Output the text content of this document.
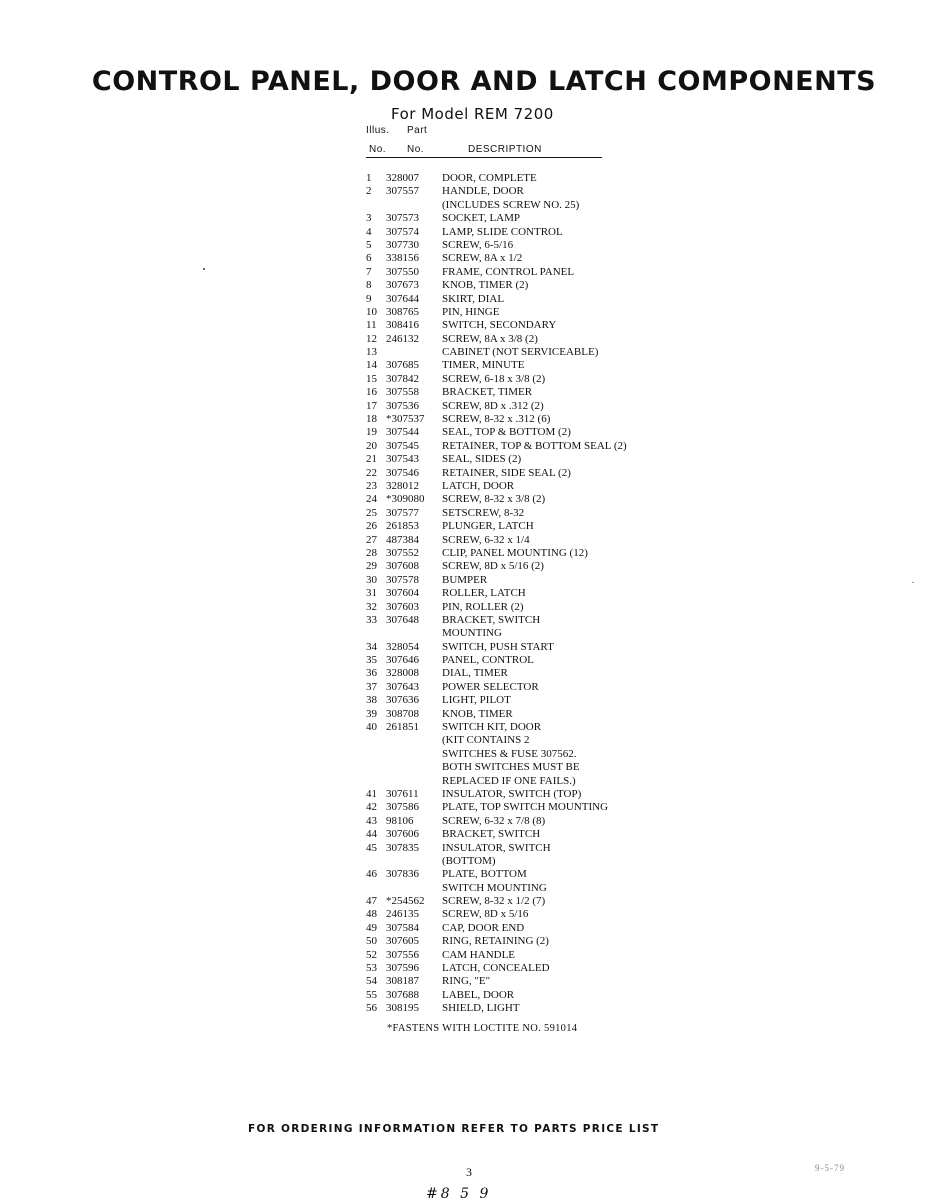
CONTROL PANEL, DOOR AND LATCH COMPONENTS
For Model REM 7200
Illus. Part
No. No.	DESCRIPTION
1 328007 DOOR, COMPLETE
2 307557 HANDLE, DOOR
(INCLUDES SCREW NO. 25)
3 307573 SOCKET, LAMP
4 307574 LAMP, SLIDE CONTROL
5 307730 SCREW, 6-5/16
6 338156 SCREW, 8A x 1/2
7 307550 FRAME, CONTROL PANEL
8 307673 KNOB, TIMER (2)
9 307644 SKIRT, DIAL
10 308765 PIN, HINGE
11 308416 SWITCH, SECONDARY
12 246132 SCREW, 8A x 3/8 (2)
13	CABINET (NOT SERVICEABLE)
14 307685 TIMER, MINUTE
15 307842 SCREW, 6-18 x 3/8 (2)
16 307558 BRACKET, TIMER
17 307536 SCREW, 8D x .312 (2)
18 *307537 SCREW, 8-32 x .312 (6)
19 307544 SEAL, TOP & BOTTOM (2)
20 307545 RETAINER, TOP & BOTTOM SEAL (2)
21 307543 SEAL, SIDES (2)
22 307546 RETAINER, SIDE SEAL (2)
23 328012 LATCH, DOOR
24 *309080 SCREW, 8-32 x 3/8 (2)
25 307577 SETSCREW, 8-32
26 261853 PLUNGER, LATCH
27 487384 SCREW, 6-32 x 1/4
28 307552 CLIP, PANEL MOUNTING (12)
29 307608 SCREW, 8D x 5/16 (2)
30 307578 BUMPER
31 307604 ROLLER, LATCH
32 307603 PIN, ROLLER (2)
33 307648 BRACKET, SWITCH
MOUNTING
34 328054 SWITCH, PUSH START
35 307646 PANEL, CONTROL
36 328008 DIAL, TIMER
37 307643 POWER SELECTOR
38 307636 LIGHT, PILOT
39 308708 KNOB, TIMER
40 261851 SWITCH KIT, DOOR
(KIT CONTAINS 2
SWITCHES & FUSE 307562.
BOTH SWITCHES MUST BE
REPLACED IF ONE FAILS.)
41 307611 INSULATOR, SWITCH (TOP)
42 307586 PLATE, TOP SWITCH MOUNTING
43 98106	SCREW, 6-32 x 7/8 (8)
44 307606 BRACKET, SWITCH
45 307835 INSULATOR, SWITCH
(BOTTOM)
46 307836 PLATE, BOTTOM
SWITCH MOUNTING
47 *254562 SCREW, 8-32 x 1/2 (7)
48 246135 SCREW, 8D x 5/16
49 307584 CAP, DOOR END
50 307605 RING, RETAINING (2)
52 307556 CAM HANDLE
53 307596 LATCH, CONCEALED
54 308187 RING, "E"
55 307688 LABEL, DOOR
56 308195 SHIELD, LIGHT
*FASTENS WITH LOCTITE NO. 591014
FOR ORDERING INFORMATION REFER TO PARTS PRICE LIST
3
#8 5 9
9-5-79
